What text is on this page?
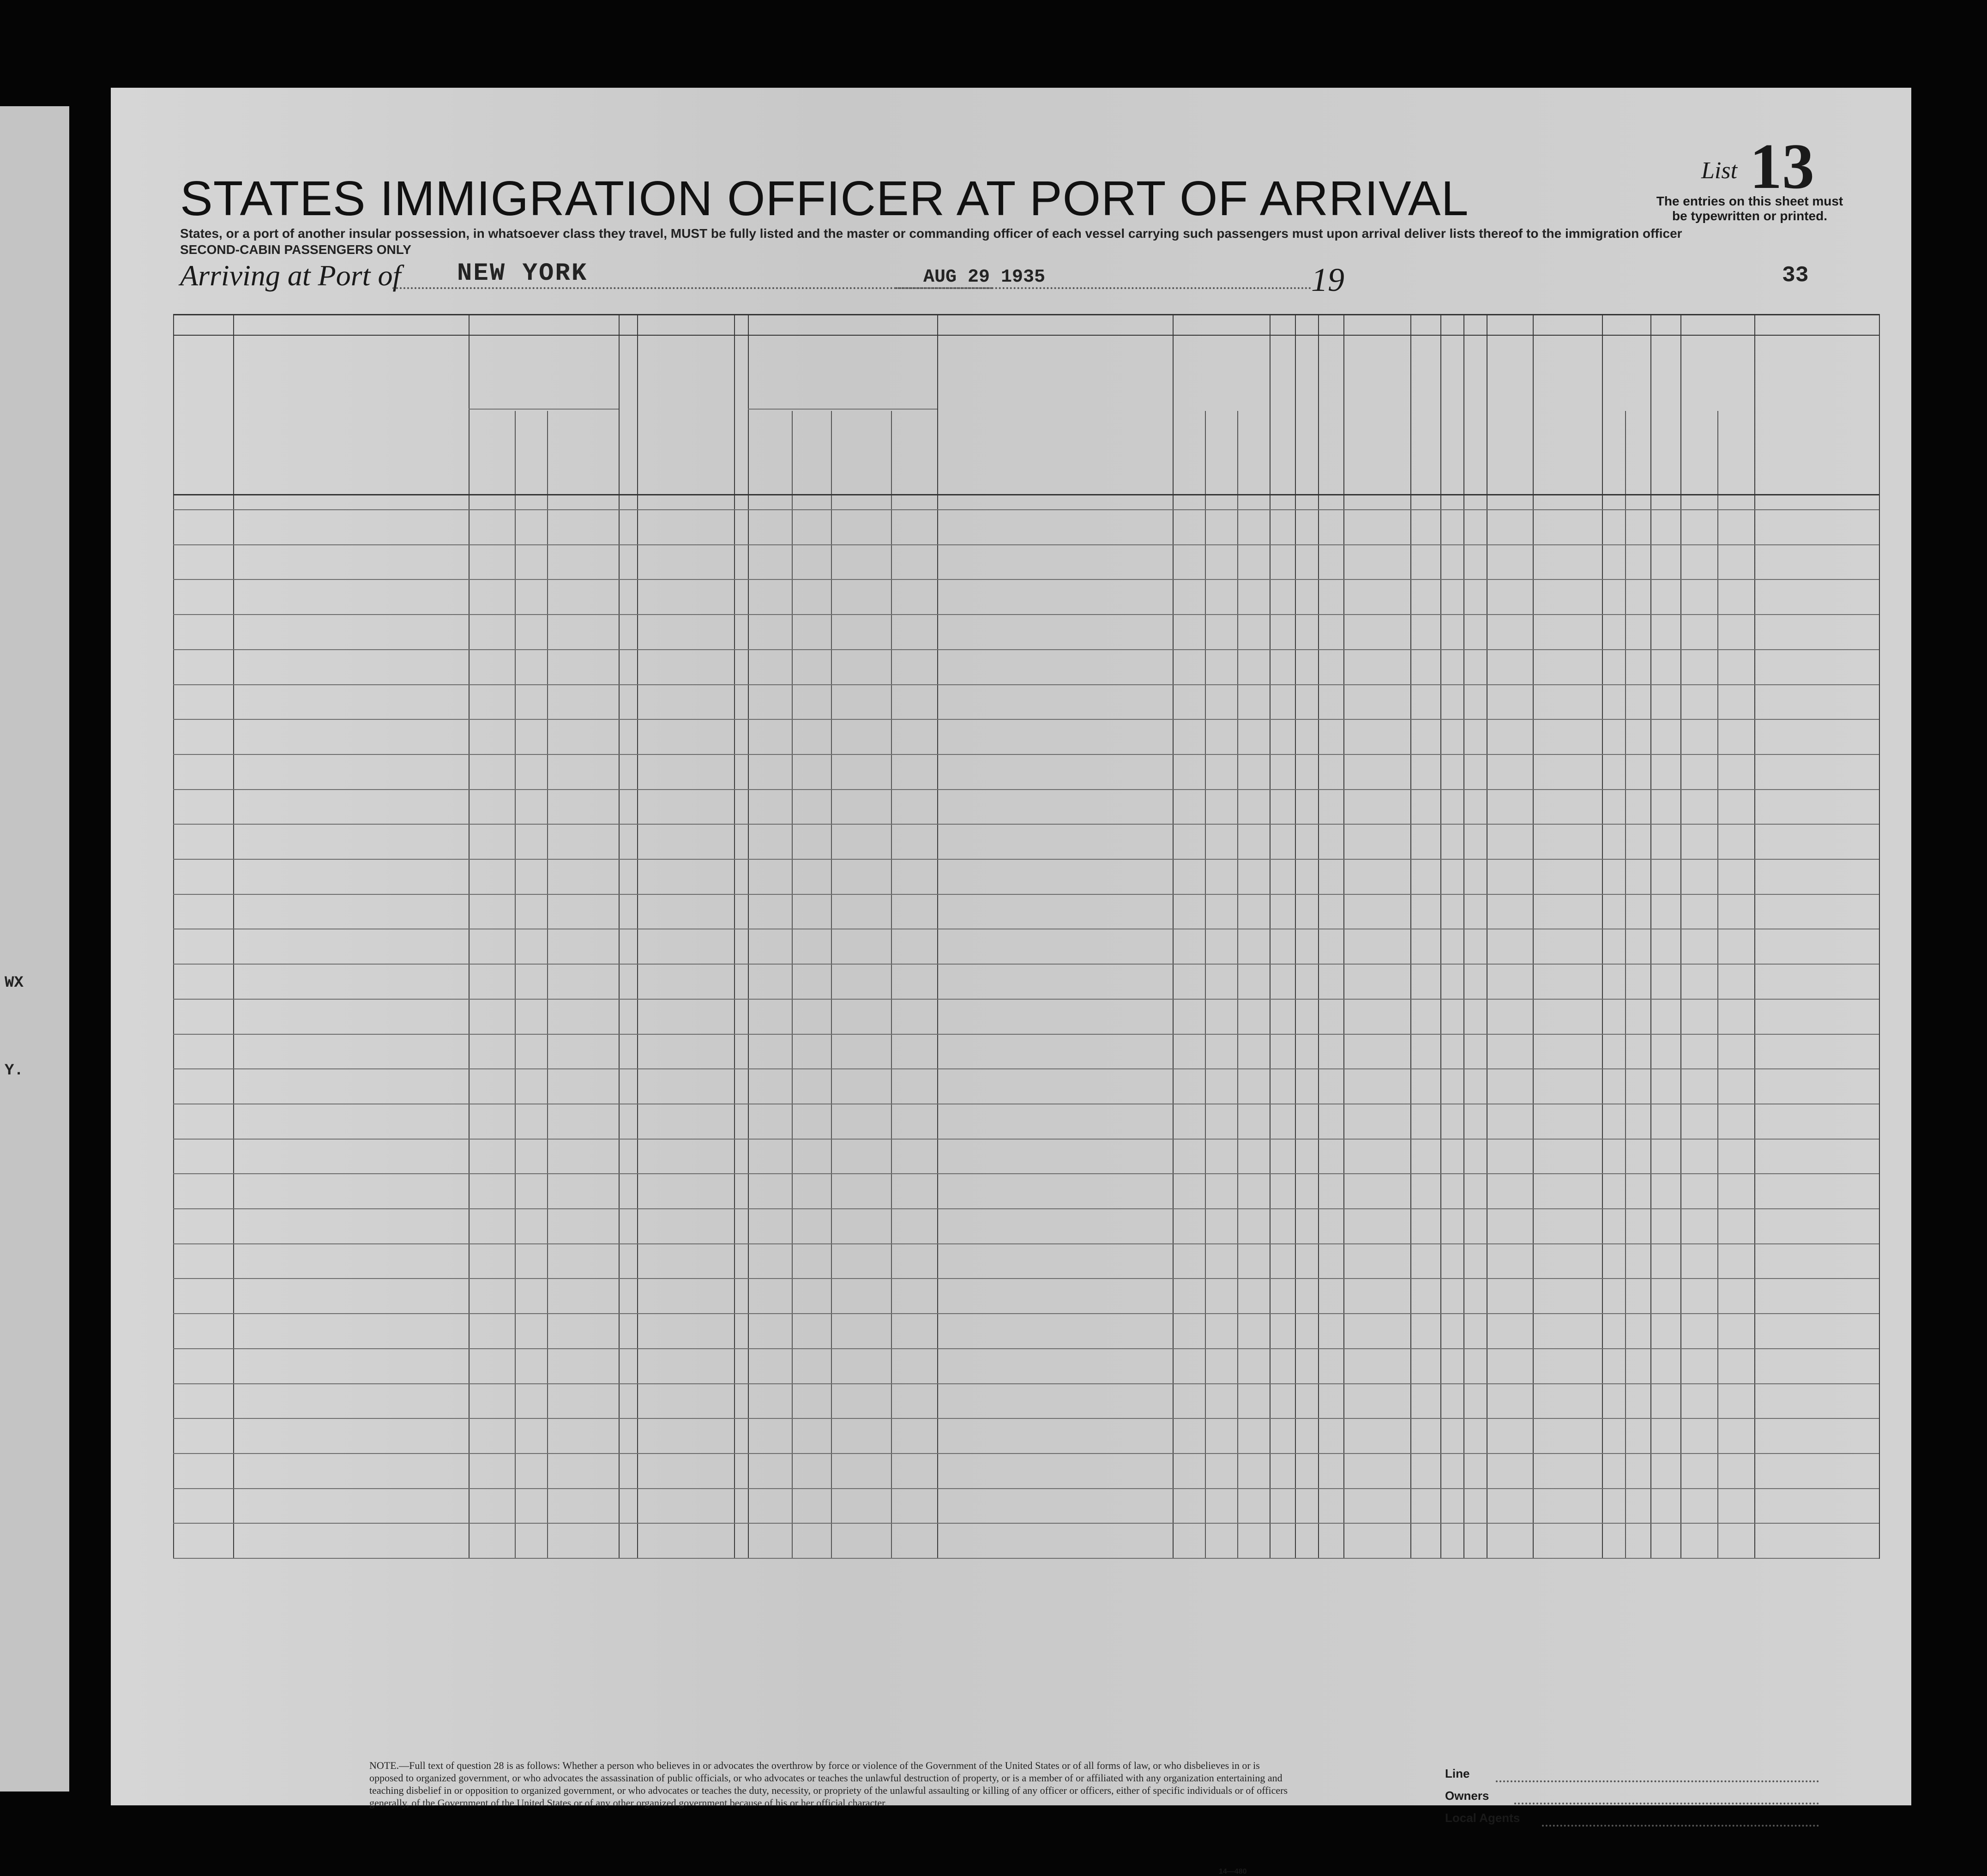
WX
Y.
STATES IMMIGRATION OFFICER AT PORT OF ARRIVAL
States, or a port of another insular possession, in whatsoever class they travel, MUST be fully listed and the master or commanding officer of each vessel carrying such passengers must upon arrival deliver lists thereof to the immigration officer
SECOND-CABIN PASSENGERS ONLY
List 13
The entries on this sheet must
be typewritten or printed.
Arriving at Port of NEW YORK	AUG 29 1935	19	33
NOTE.—Full text of question 28 is as follows: Whether a person who believes in or advocates the overthrow by force or violence of the Government of the United States or of all forms of law, or who disbelieves in or is opposed to organized government, or who advocates the assassination of public officials, or who advocates or teaches the unlawful destruction of property, or is a member of or affiliated with any organization entertaining and teaching disbelief in or opposition to organized government, or who advocates or teaches the duty, necessity, or propriety of the unlawful assaulting or killing of any officer or officers, either of specific individuals or of officers generally, of the Government of the United States or of any other organized government because of his or her official character.
Line
Owners
Local Agents
14—480
